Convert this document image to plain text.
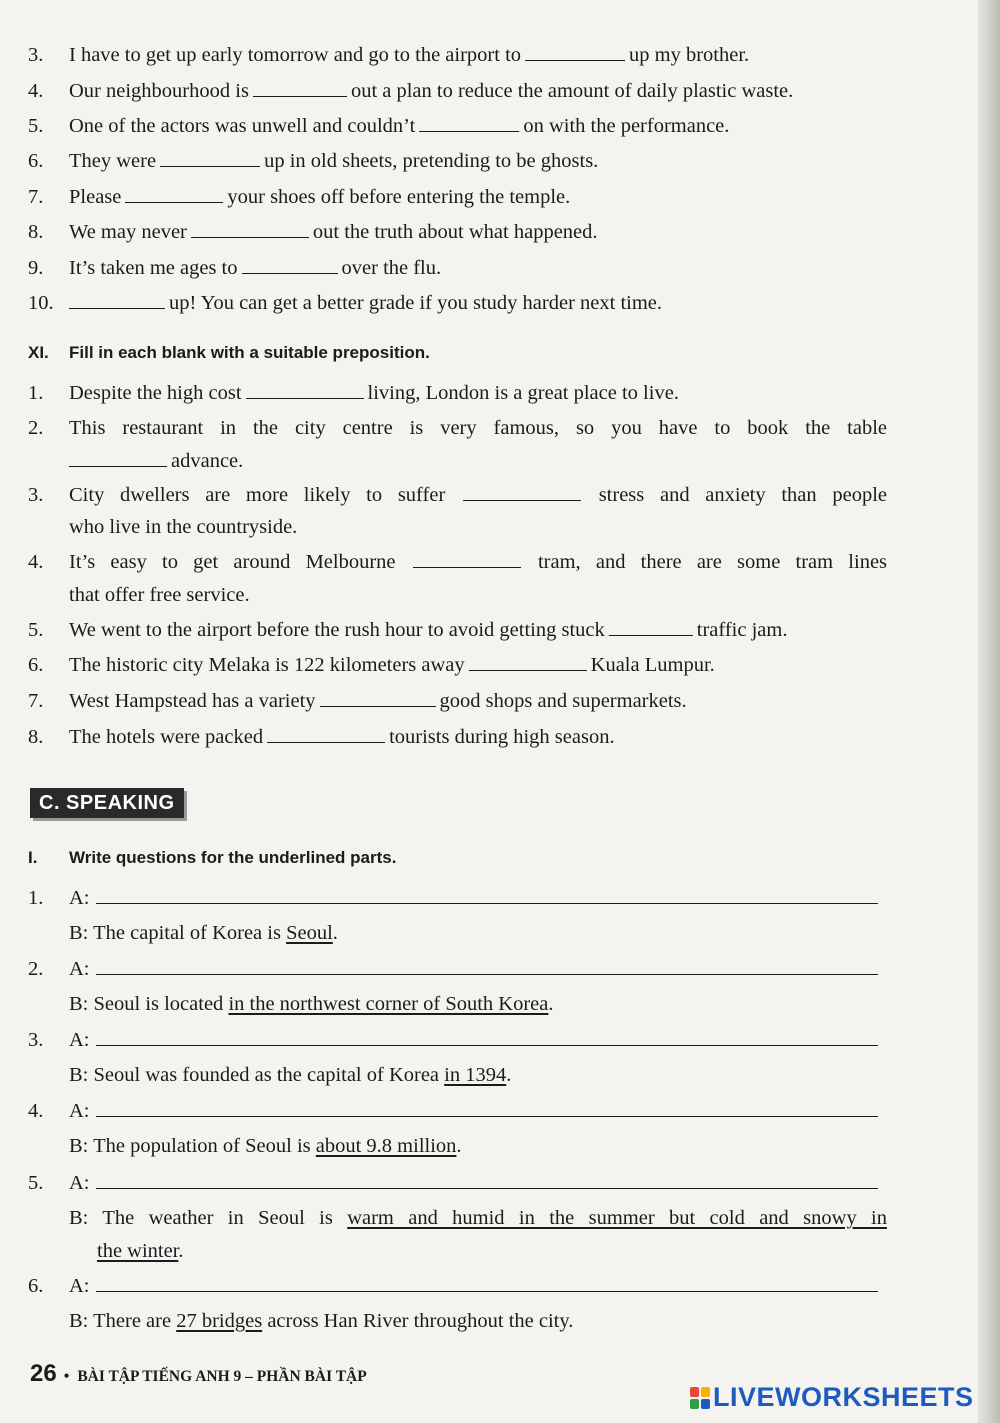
3. I have to get up early tomorrow and go to the airport to	up my brother.
4. Our neighbourhood is	out a plan to reduce the amount of daily plastic waste.
5. One of the actors was unwell and couldn’t	on with the performance.
6. They were	up in old sheets, pretending to be ghosts.
7. Please	your shoes off before entering the temple.
8. We may never	out the truth about what happened.
9. It’s taken me ages to	over the flu.
10.	up! You can get a better grade if you study harder next time.
XI. Fill in each blank with a suitable preposition.
1. Despite the high cost	living, London is a great place to live.
2. This restaurant in the city centre is very famous, so you have to book the table
advance.
3. City dwellers are more likely to suffer	stress and anxiety than people
who live in the countryside.
4. It’s easy to get around Melbourne	tram, and there are some tram lines
that offer free service.
5. We went to the airport before the rush hour to avoid getting stuck	traffic jam.
6. The historic city Melaka is 122 kilometers away	Kuala Lumpur.
7. West Hampstead has a variety	good shops and supermarkets.
8. The hotels were packed	tourists during high season.
C. SPEAKING
I. Write questions for the underlined parts.
1. A:
B: The capital of Korea is Seoul.
2. A:
B: Seoul is located in the northwest corner of South Korea.
3. A:
B: Seoul was founded as the capital of Korea in 1394.
4. A:
B: The population of Seoul is about 9.8 million.
5. A:
B: The weather in Seoul is warm and humid in the summer but cold and snowy in
the winter.
6. A:
B: There are 27 bridges across Han River throughout the city.
26 • BÀI TẬP TIẾNG ANH 9 – PHẦN BÀI TẬP
LIVEWORKSHEETS
